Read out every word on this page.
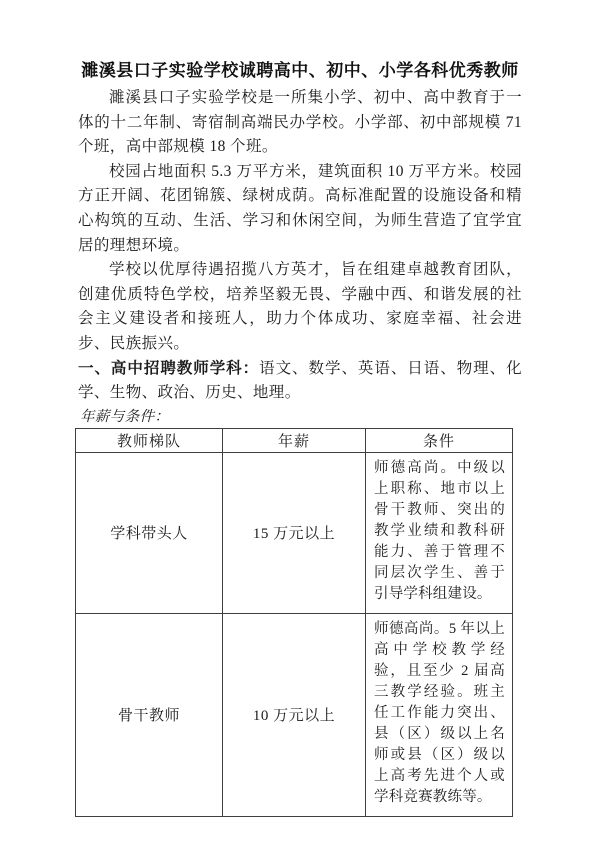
濉溪县口子实验学校诚聘高中、初中、小学各科优秀教师

濉溪县口子实验学校是一所集小学、初中、高中教育于一体的十二年制、寄宿制高端民办学校。小学部、初中部规模 71 个班，高中部规模 18 个班。

校园占地面积 5.3 万平方米，建筑面积 10 万平方米。校园方正开阔、花团锦簇、绿树成荫。高标准配置的设施设备和精心构筑的互动、生活、学习和休闲空间，为师生营造了宜学宜居的理想环境。

学校以优厚待遇招揽八方英才，旨在组建卓越教育团队，创建优质特色学校，培养坚毅无畏、学融中西、和谐发展的社会主义建设者和接班人，助力个体成功、家庭幸福、社会进步、民族振兴。

一、高中招聘教师学科：语文、数学、英语、日语、物理、化学、生物、政治、历史、地理。

年薪与条件：

教师梯队	年薪	条件
学科带头人	15 万元以上	师德高尚。中级以上职称、地市以上骨干教师、突出的教学业绩和教科研能力、善于管理不同层次学生、善于引导学科组建设。
骨干教师	10 万元以上	师德高尚。5 年以上高中学校教学经验，且至少 2 届高三教学经验。班主任工作能力突出、县（区）级以上名师或县（区）级以上高考先进个人或学科竞赛教练等。
